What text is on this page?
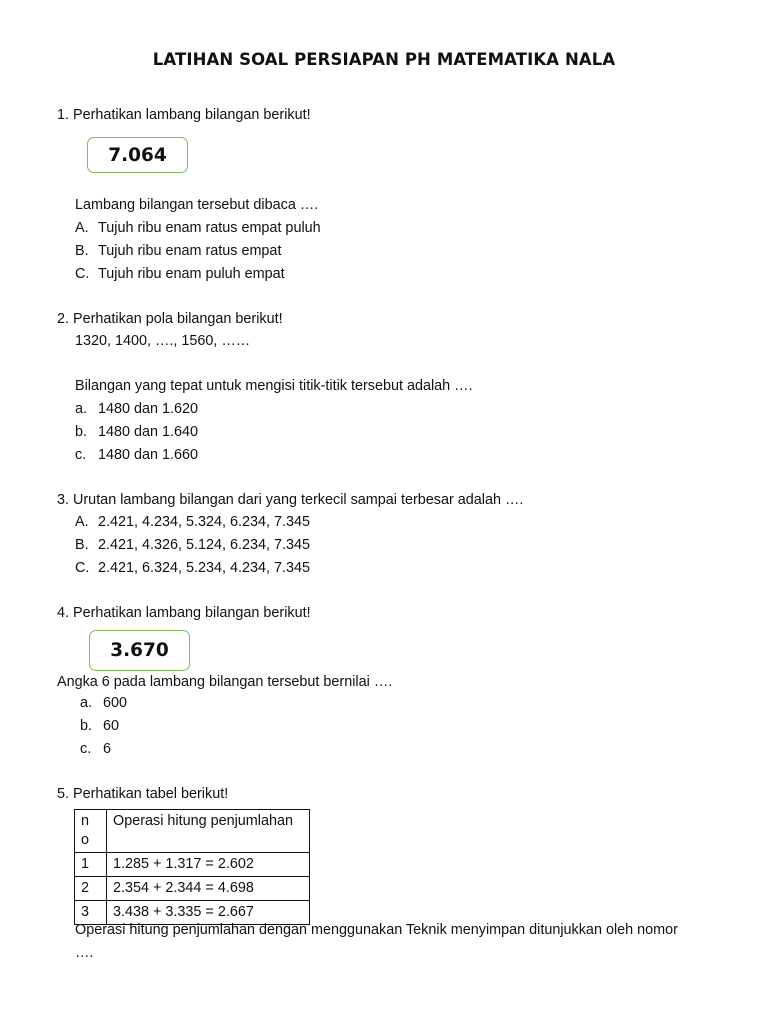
LATIHAN SOAL PERSIAPAN PH MATEMATIKA NALA
1. Perhatikan lambang bilangan berikut!
7.064
Lambang bilangan tersebut dibaca ….
A. Tujuh ribu enam ratus empat puluh
B. Tujuh ribu enam ratus empat
C. Tujuh ribu enam puluh empat
2. Perhatikan pola bilangan berikut!
1320, 1400, …., 1560, ……
Bilangan yang tepat untuk mengisi titik-titik tersebut adalah ….
a. 1480 dan 1.620
b. 1480 dan 1.640
c. 1480 dan 1.660
3. Urutan lambang bilangan dari yang terkecil sampai terbesar adalah ….
A. 2.421, 4.234, 5.324, 6.234, 7.345
B. 2.421, 4.326, 5.124, 6.234, 7.345
C. 2.421, 6.324, 5.234, 4.234, 7.345
4. Perhatikan lambang bilangan berikut!
3.670
Angka 6 pada lambang bilangan tersebut bernilai ….
a. 600
b. 60
c. 6
5. Perhatikan tabel berikut!
n
o	Operasi hitung penjumlahan
1	1.285 + 1.317 = 2.602
2	2.354 + 2.344 = 4.698
3	3.438 + 3.335 = 2.667
Operasi hitung penjumlahan dengan menggunakan Teknik menyimpan ditunjukkan oleh nomor
….
